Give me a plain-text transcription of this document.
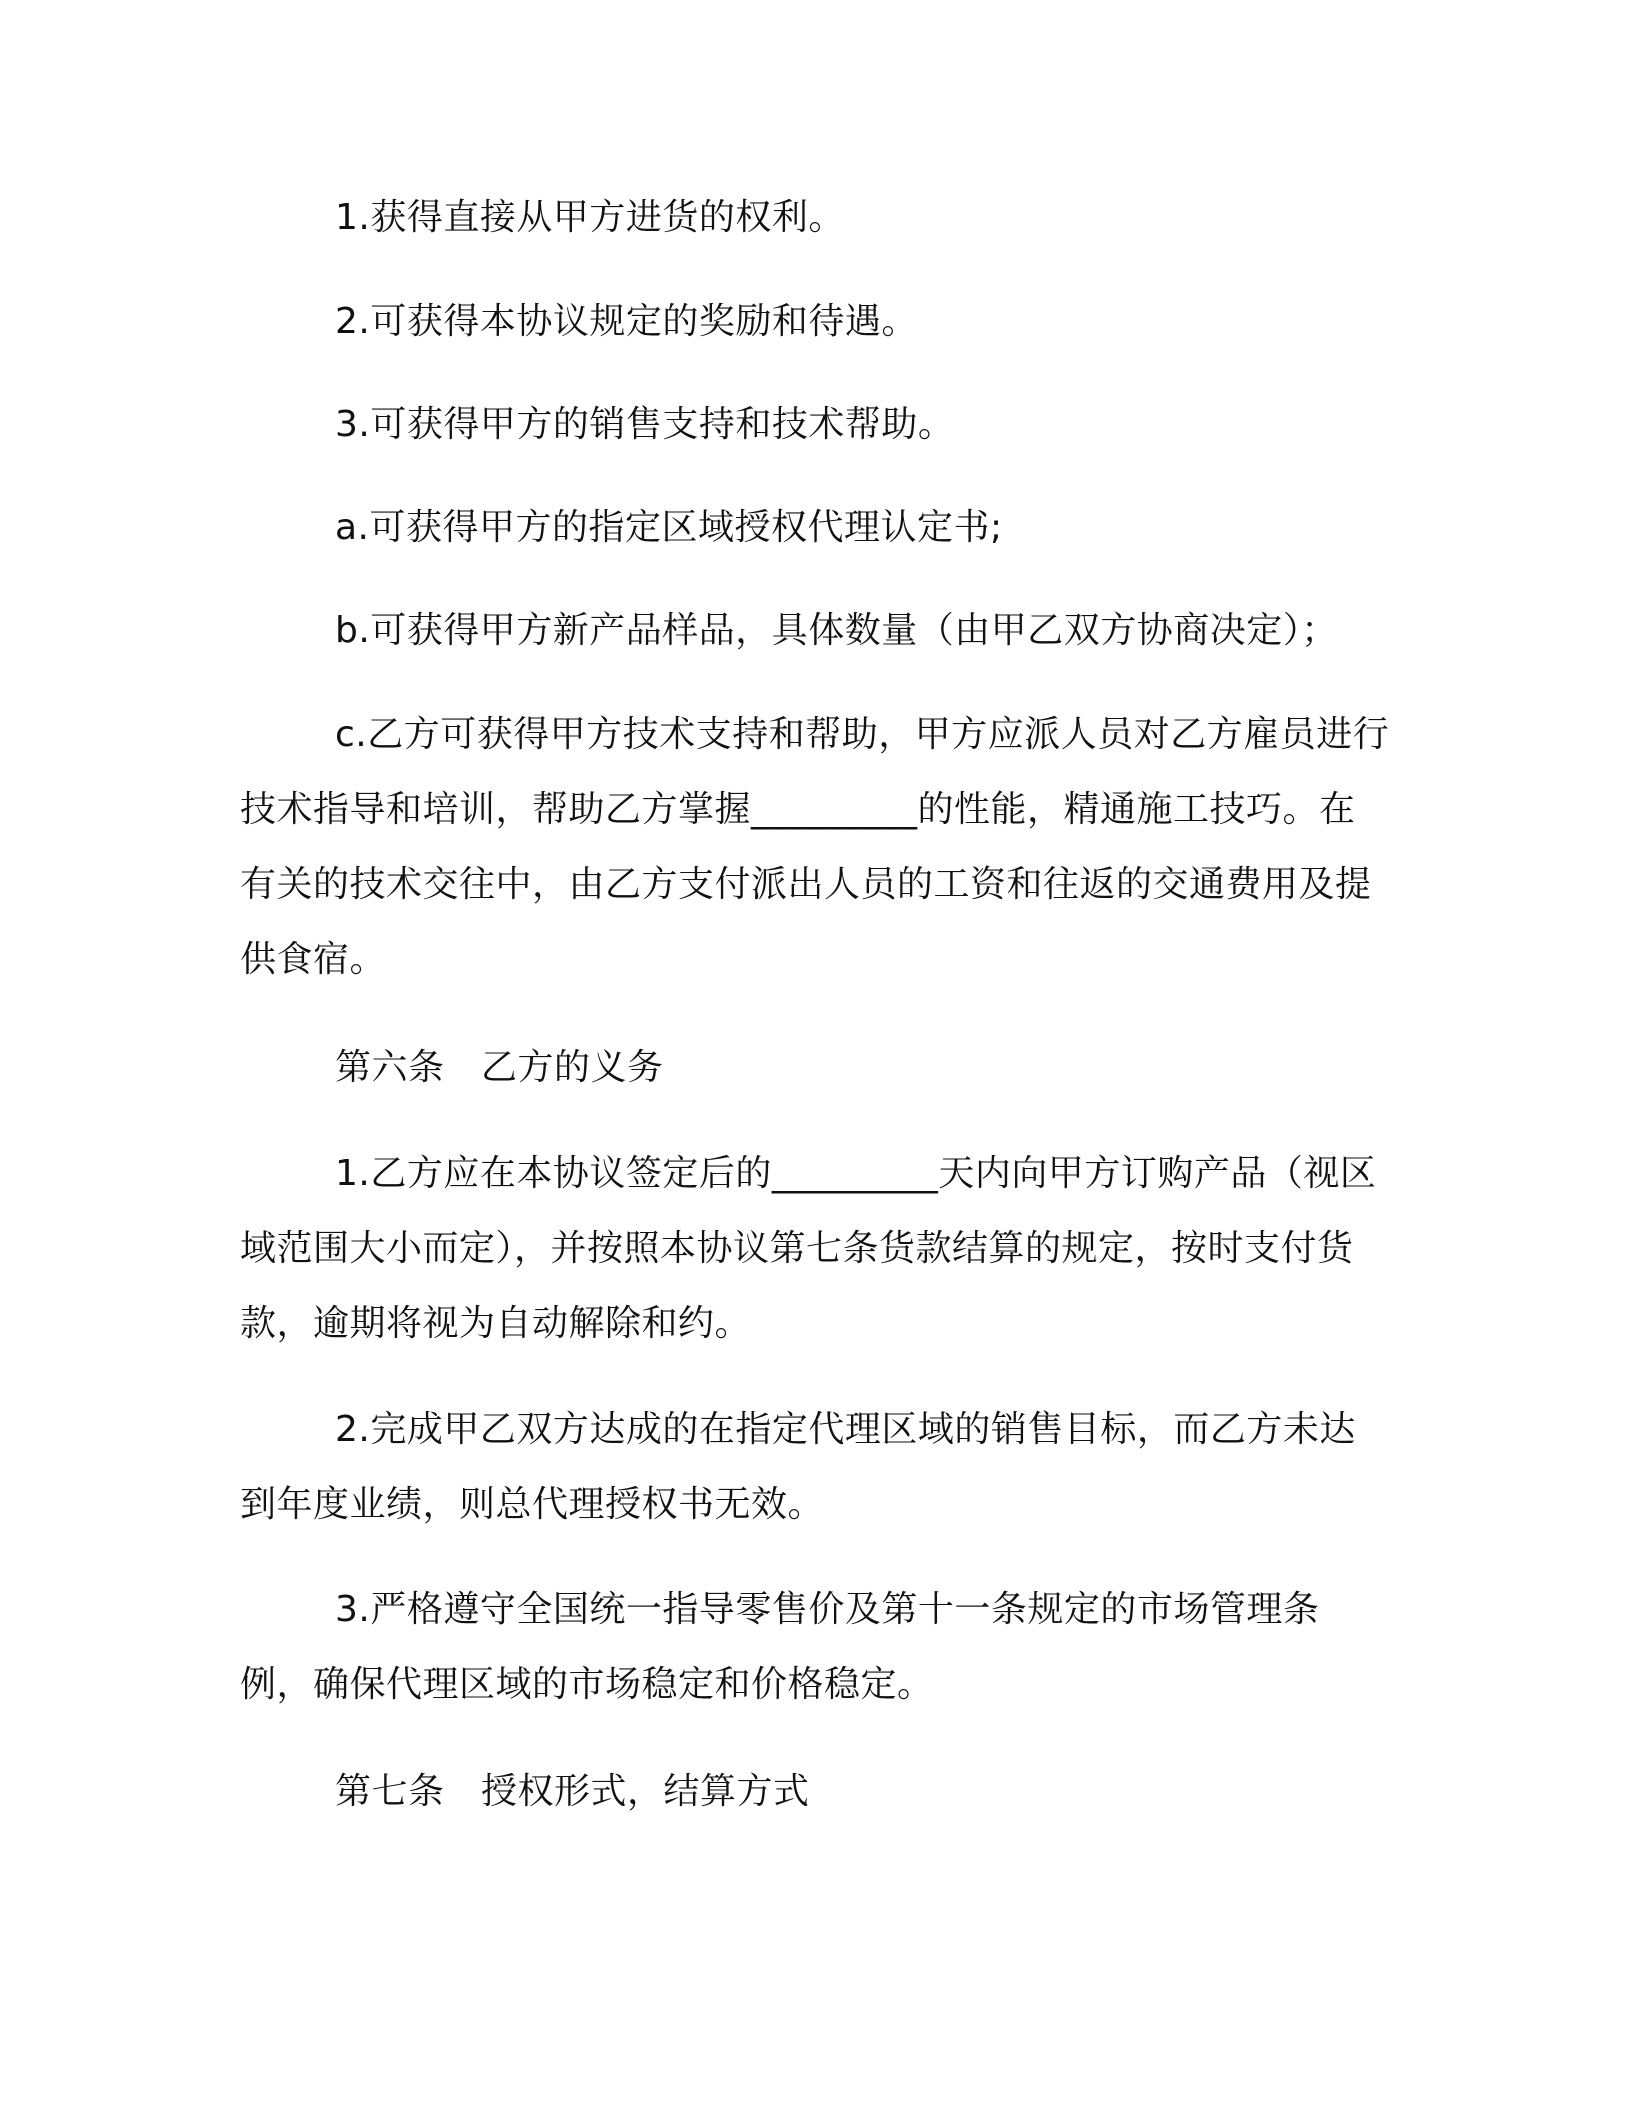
1.获得直接从甲方进货的权利。

2.可获得本协议规定的奖励和待遇。

3.可获得甲方的销售支持和技术帮助。

a.可获得甲方的指定区域授权代理认定书;

b.可获得甲方新产品样品，具体数量（由甲乙双方协商决定）；

c.乙方可获得甲方技术支持和帮助，甲方应派人员对乙方雇员进行技术指导和培训，帮助乙方掌握_________的性能，精通施工技巧。在有关的技术交往中，由乙方支付派出人员的工资和往返的交通费用及提供食宿。

第六条　乙方的义务

1.乙方应在本协议签定后的_________天内向甲方订购产品（视区域范围大小而定），并按照本协议第七条货款结算的规定，按时支付货款，逾期将视为自动解除和约。

2.完成甲乙双方达成的在指定代理区域的销售目标，而乙方未达到年度业绩，则总代理授权书无效。

3.严格遵守全国统一指导零售价及第十一条规定的市场管理条例，确保代理区域的市场稳定和价格稳定。

第七条　授权形式，结算方式
